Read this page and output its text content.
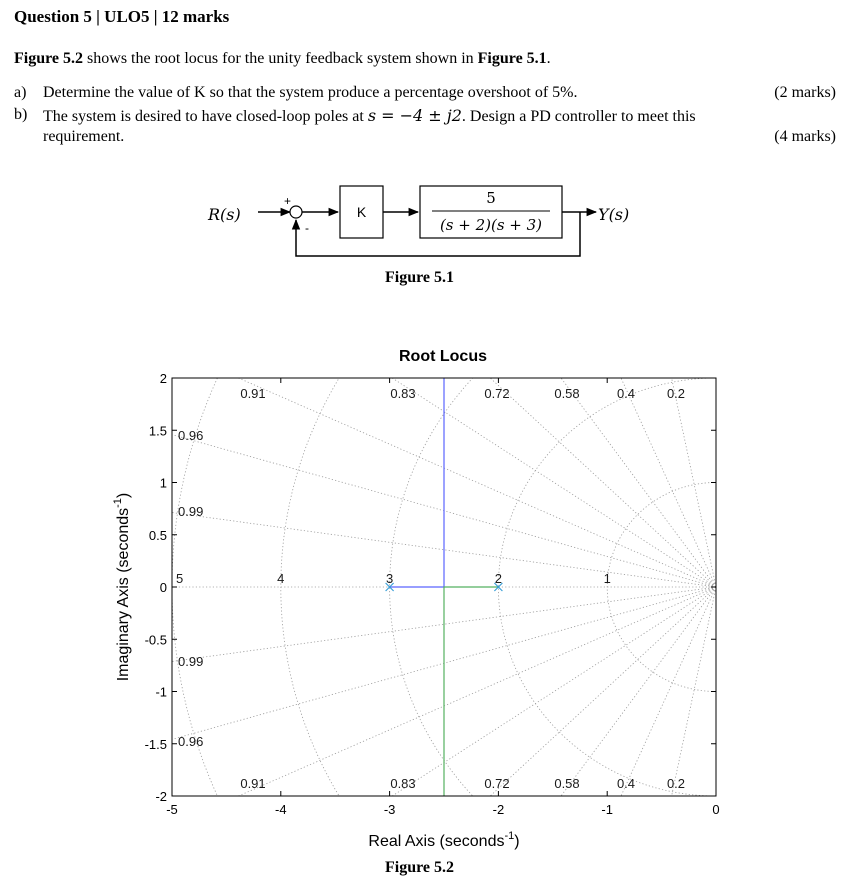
Question 5 | ULO5 | 12 marks
Figure 5.2 shows the root locus for the unity feedback system shown in Figure 5.1.
a) Determine the value of K so that the system produce a percentage overshoot of 5%.	(2 marks)
b) The system is desired to have closed-loop poles at s = −4 ± j2. Design a PD controller to meet this
requirement.	(4 marks)
R(s)
+
-
K
5
(s + 2)(s + 3)
Y(s)
Figure 5.1
Root Locus
0.91	0.83	0.72	0.58	0.4 0.2
0.96
0.99
0.99
0.96
0.91	0.83	0.72	0.58	0.4 0.2
1
2
3
4
5
-5	-4	-3	-2	-1	0
-2
-1.5
-1
-0.5
0
0.5
1
1.5
2
Real Axis (seconds$^{-1}$)
Imaginary Axis (seconds$^{-1}$)
Figure 5.2
